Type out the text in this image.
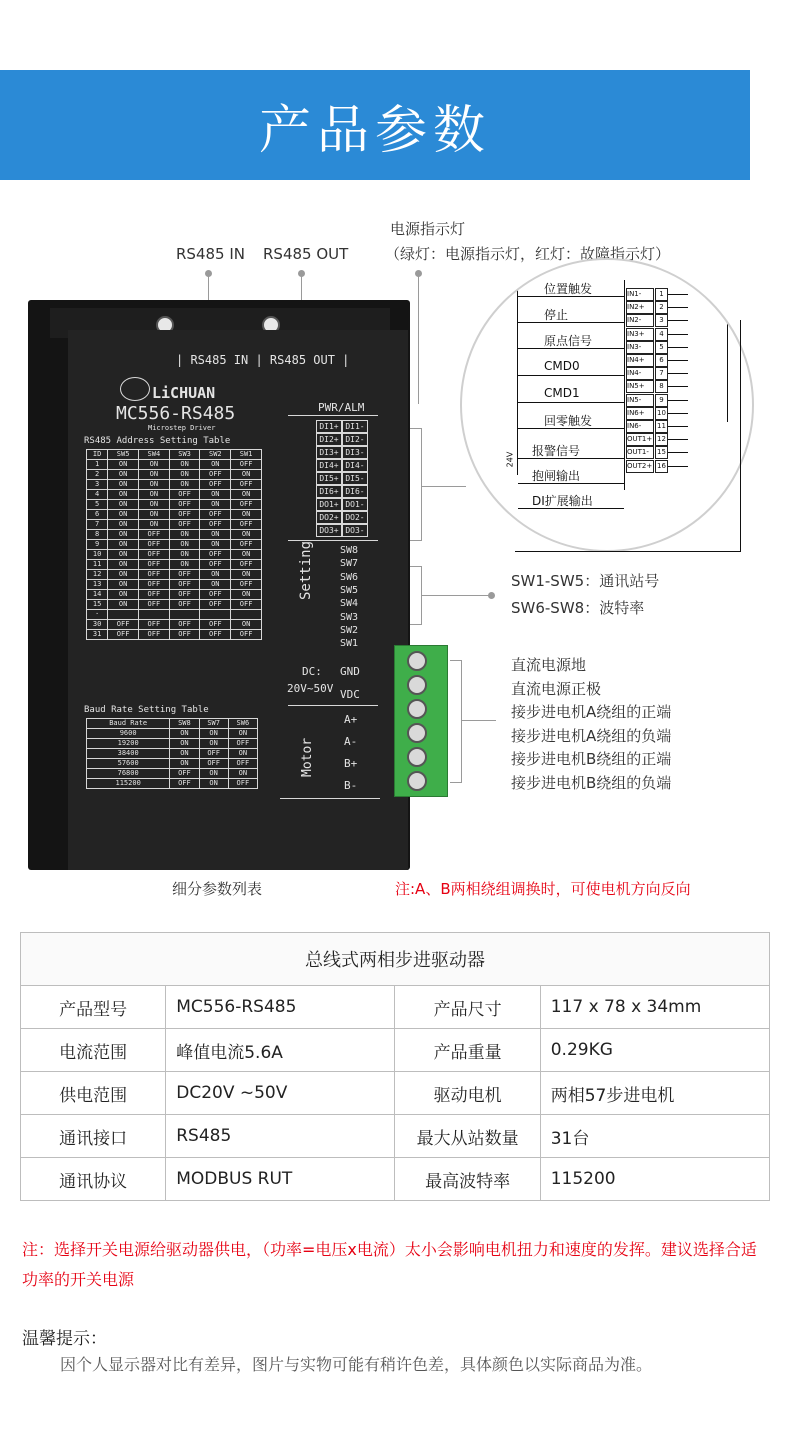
产品参数
RS485 IN RS485 OUT
电源指示灯
（绿灯：电源指示灯，红灯：故障指示灯）
| RS485 IN | RS485 OUT |
LiCHUAN
MC556-RS485
Microstep Driver
RS485 Address Setting Table
ID	SW5	SW4	SW3	SW2	SW1
1	ON	ON	ON	ON	OFF
2	ON	ON	ON	OFF	ON
3	ON	ON	ON	OFF	OFF
4	ON	ON	OFF	ON	ON
5	ON	ON	OFF	ON	OFF
6	ON	ON	OFF	OFF	ON
7	ON	ON	OFF	OFF	OFF
8	ON	OFF	ON	ON	ON
9	ON	OFF	ON	ON	OFF
10	ON	OFF	ON	OFF	ON
11	ON	OFF	ON	OFF	OFF
12	ON	OFF	OFF	ON	ON
13	ON	OFF	OFF	ON	OFF
14	ON	OFF	OFF	OFF	ON
15	ON	OFF	OFF	OFF	OFF
·					
30	OFF	OFF	OFF	OFF	ON
31	OFF	OFF	OFF	OFF	OFF
Baud Rate Setting Table
Baud Rate	SW8	SW7	SW6
9600	ON	ON	ON
19200	ON	ON	OFF
38400	ON	OFF	ON
57600	ON	OFF	OFF
76800	OFF	ON	ON
115200	OFF	ON	OFF
PWR/ALM
DI1+ DI1-
DI2+ DI2-
DI3+ DI3-
DI4+ DI4-
DI5+ DI5-
DI6+ DI6-
DO1+ DO1-
DO2+ DO2-
DO3+ DO3-
Setting	SW8
SW7
SW6
SW5
SW4
SW3
SW2
SW1
DC:
20V~50V
GND
VDC
Motor
A+
A-
B+
B-
SW1-SW5：通讯站号
SW6-SW8：波特率
直流电源地
直流电源正极
接步进电机A绕组的正端
接步进电机A绕组的负端
接步进电机B绕组的正端
接步进电机B绕组的负端
位置触发
停止
原点信号
CMD0
CMD1
回零触发
报警信号
抱闸输出
DI扩展输出
IN1-	1
IN2+	2
IN2-	3
IN3+	4
IN3-	5
IN4+	6
IN4-	7
IN5+	8
IN5-	9
IN6+	10
IN6-	11
OUT1+ 12
OUT1-	15
OUT2+ 16
24V
细分参数列表	注:A、B两相绕组调换时，可使电机方向反向
总线式两相步进驱动器			
产品型号	MC556-RS485	产品尺寸	117 x 78 x 34mm
电流范围	峰值电流5.6A	产品重量	0.29KG
供电范围	DC20V ~50V	驱动电机	两相57步进电机
通讯接口	RS485	最大从站数量	31台
通讯协议	MODBUS RUT	最高波特率	115200
注：选择开关电源给驱动器供电，（功率=电压x电流）太小会影响电机扭力和速度的发挥。建议选择合适功率的开关电源
温馨提示：
因个人显示器对比有差异，图片与实物可能有稍许色差，具体颜色以实际商品为准。
